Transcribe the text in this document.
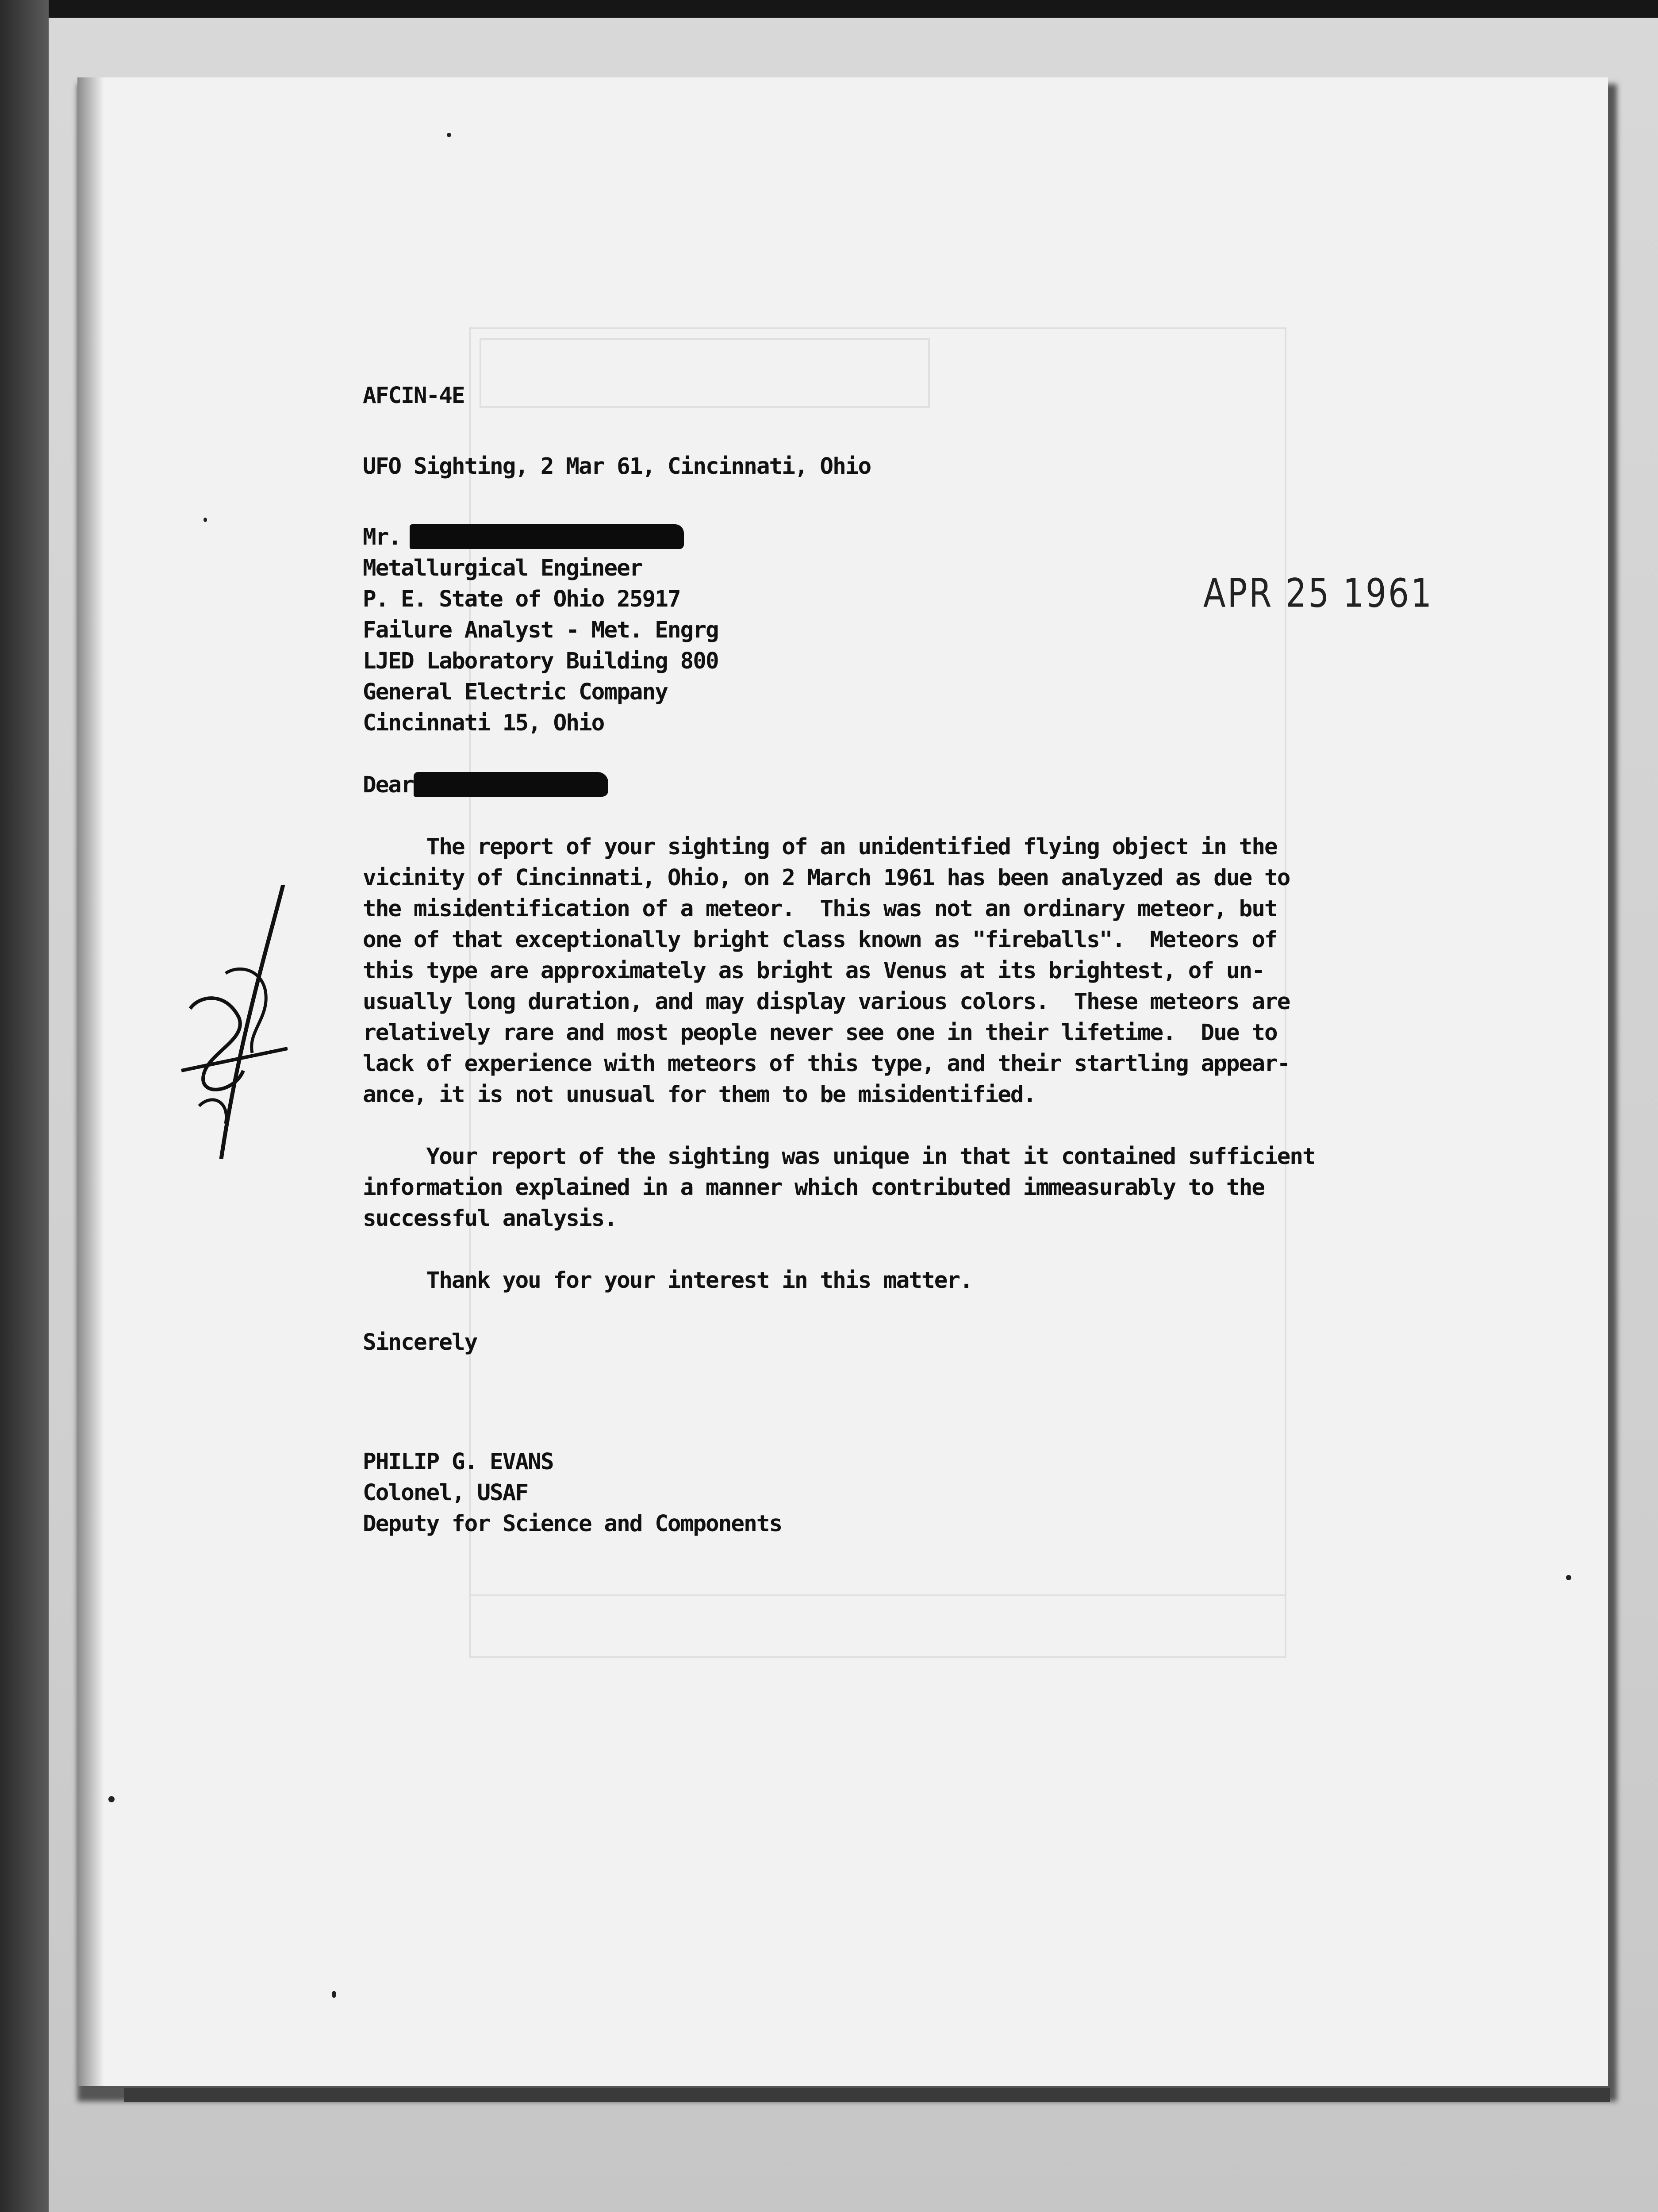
APR 25 1961
AFCIN-4E
UFO Sighting, 2 Mar 61, Cincinnati, Ohio
Mr.
Metallurgical Engineer
P. E. State of Ohio 25917
Failure Analyst - Met. Engrg
LJED Laboratory Building 800
General Electric Company
Cincinnati 15, Ohio
Dear
The report of your sighting of an unidentified flying object in the
vicinity of Cincinnati, Ohio, on 2 March 1961 has been analyzed as due to
the misidentification of a meteor.  This was not an ordinary meteor, but
one of that exceptionally bright class known as "fireballs".  Meteors of
this type are approximately as bright as Venus at its brightest, of un-
usually long duration, and may display various colors.  These meteors are
relatively rare and most people never see one in their lifetime.  Due to
lack of experience with meteors of this type, and their startling appear-
ance, it is not unusual for them to be misidentified.
Your report of the sighting was unique in that it contained sufficient
information explained in a manner which contributed immeasurably to the
successful analysis.
Thank you for your interest in this matter.
Sincerely
PHILIP G. EVANS
Colonel, USAF
Deputy for Science and Components
